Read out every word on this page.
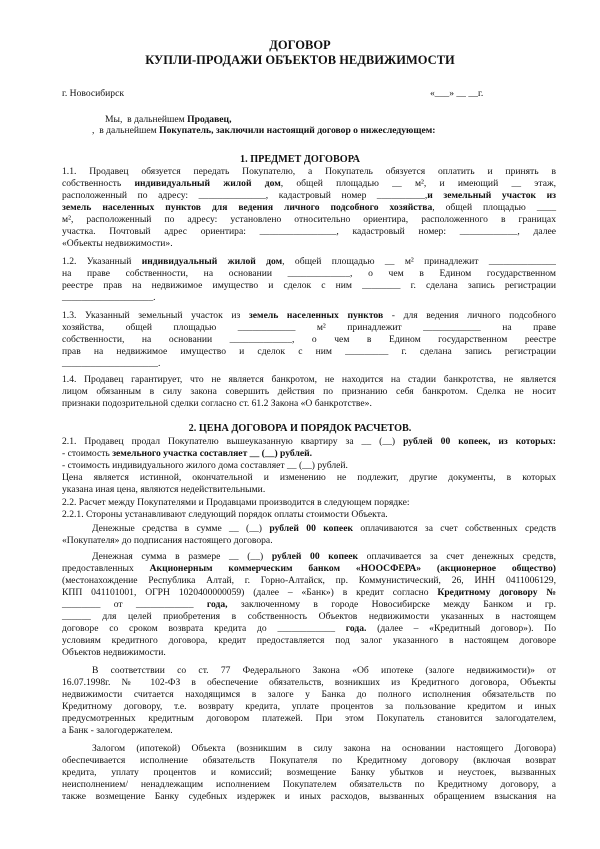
ДОГОВОР
КУПЛИ-ПРОДАЖИ ОБЪЕКТОВ НЕДВИЖИМОСТИ
г. Новосибирск	«___» __ __г.
Мы,  в дальнейшем Продавец,
,  в дальнейшем Покупатель, заключили настоящий договор о нижеследующем:
1. ПРЕДМЕТ ДОГОВОРА
1.1. Продавец обязуется передать Покупателю, а Покупатель обязуется оплатить и принять в
собственность индивидуальный жилой дом, общей площадью __ м², и имеющий __ этаж,
расположенный по адресу: ______________, кадастровый номер __________,и земельный участок из
земель населенных пунктов для ведения личного подсобного хозяйства, общей площадью ____
м², расположенный по адресу: установлено относительно ориентира, расположенного в границах
участка. Почтовый адрес ориентира: ________________, кадастровый номер: ____________, далее
«Объекты недвижимости».
1.2. Указанный индивидуальный жилой дом, общей площадью __ м² принадлежит ______________
на праве собственности, на основании _____________, о чем в Едином государственном
реестре прав на недвижимое имущество и сделок с ним ________ г. сделана запись регистрации
___________________.
1.3. Указанный земельный участок из земель населенных пунктов - для ведения личного подсобного
хозяйства, общей площадью ____________ м² принадлежит ____________ на праве
собственности, на основании _____________, о чем в Едином государственном реестре
прав на недвижимое имущество и сделок с ним _________ г. сделана запись регистрации
____________________.
1.4. Продавец гарантирует, что не является банкротом, не находится на стадии банкротства, не является
лицом обязанным в силу закона совершить действия по признанию себя банкротом. Сделка не носит
признаки подозрительной сделки согласно ст. 61.2 Закона «О банкротстве».
2. ЦЕНА ДОГОВОРА И ПОРЯДОК РАСЧЕТОВ.
2.1. Продавец продал Покупателю вышеуказанную квартиру за __ (__) рублей 00 копеек, из которых:
- стоимость земельного участка составляет __ (__) рублей.
- стоимость индивидуального жилого дома составляет __ (__) рублей.
Цена является истинной, окончательной и изменению не подлежит, другие документы, в которых
указана иная цена, являются недействительными.
2.2. Расчет между Покупателями и Продавцами производится в следующем порядке:
2.2.1. Стороны устанавливают следующий порядок оплаты стоимости Объекта.
Денежные средства в сумме __ (__) рублей 00 копеек оплачиваются за счет собственных средств
«Покупателя» до подписания настоящего договора.
Денежная сумма в размере __ (__) рублей 00 копеек оплачивается за счет денежных средств,
предоставленных Акционерным коммерческим банком «НООСФЕРА» (акционерное общество)
(местонахождение Республика Алтай, г. Горно-Алтайск, пр. Коммунистический, 26, ИНН 0411006129,
КПП 041101001, ОГРН 1020400000059) (далее – «Банк») в кредит согласно Кредитному договору №
________ от ____________ года, заключенному в городе Новосибирске между Банком и гр.
______ для целей приобретения в собственность Объектов недвижимости указанных в настоящем
договоре со сроком возврата кредита до ____________ года. (далее – «Кредитный договор»). По
условиям кредитного договора, кредит предоставляется под залог указанного в настоящем договоре
Объектов недвижимости.
В соответствии со ст. 77 Федерального Закона «Об ипотеке (залоге недвижимости)» от
16.07.1998г. № 102-ФЗ в обеспечение обязательств, возникших из Кредитного договора, Объекты
недвижимости считается находящимся в залоге у Банка до полного исполнения обязательств по
Кредитному договору, т.е. возврату кредита, уплате процентов за пользование кредитом и иных
предусмотренных кредитным договором платежей. При этом Покупатель становится залогодателем,
а Банк - залогодержателем.
Залогом (ипотекой) Объекта (возникшим в силу закона на основании настоящего Договора)
обеспечивается исполнение обязательств Покупателя по Кредитному договору (включая возврат
кредита, уплату процентов и комиссий; возмещение Банку убытков и неустоек, вызванных
неисполнением/ ненадлежащим исполнением Покупателем обязательств по Кредитному договору, а
также возмещение Банку судебных издержек и иных расходов, вызванных обращением взыскания на
